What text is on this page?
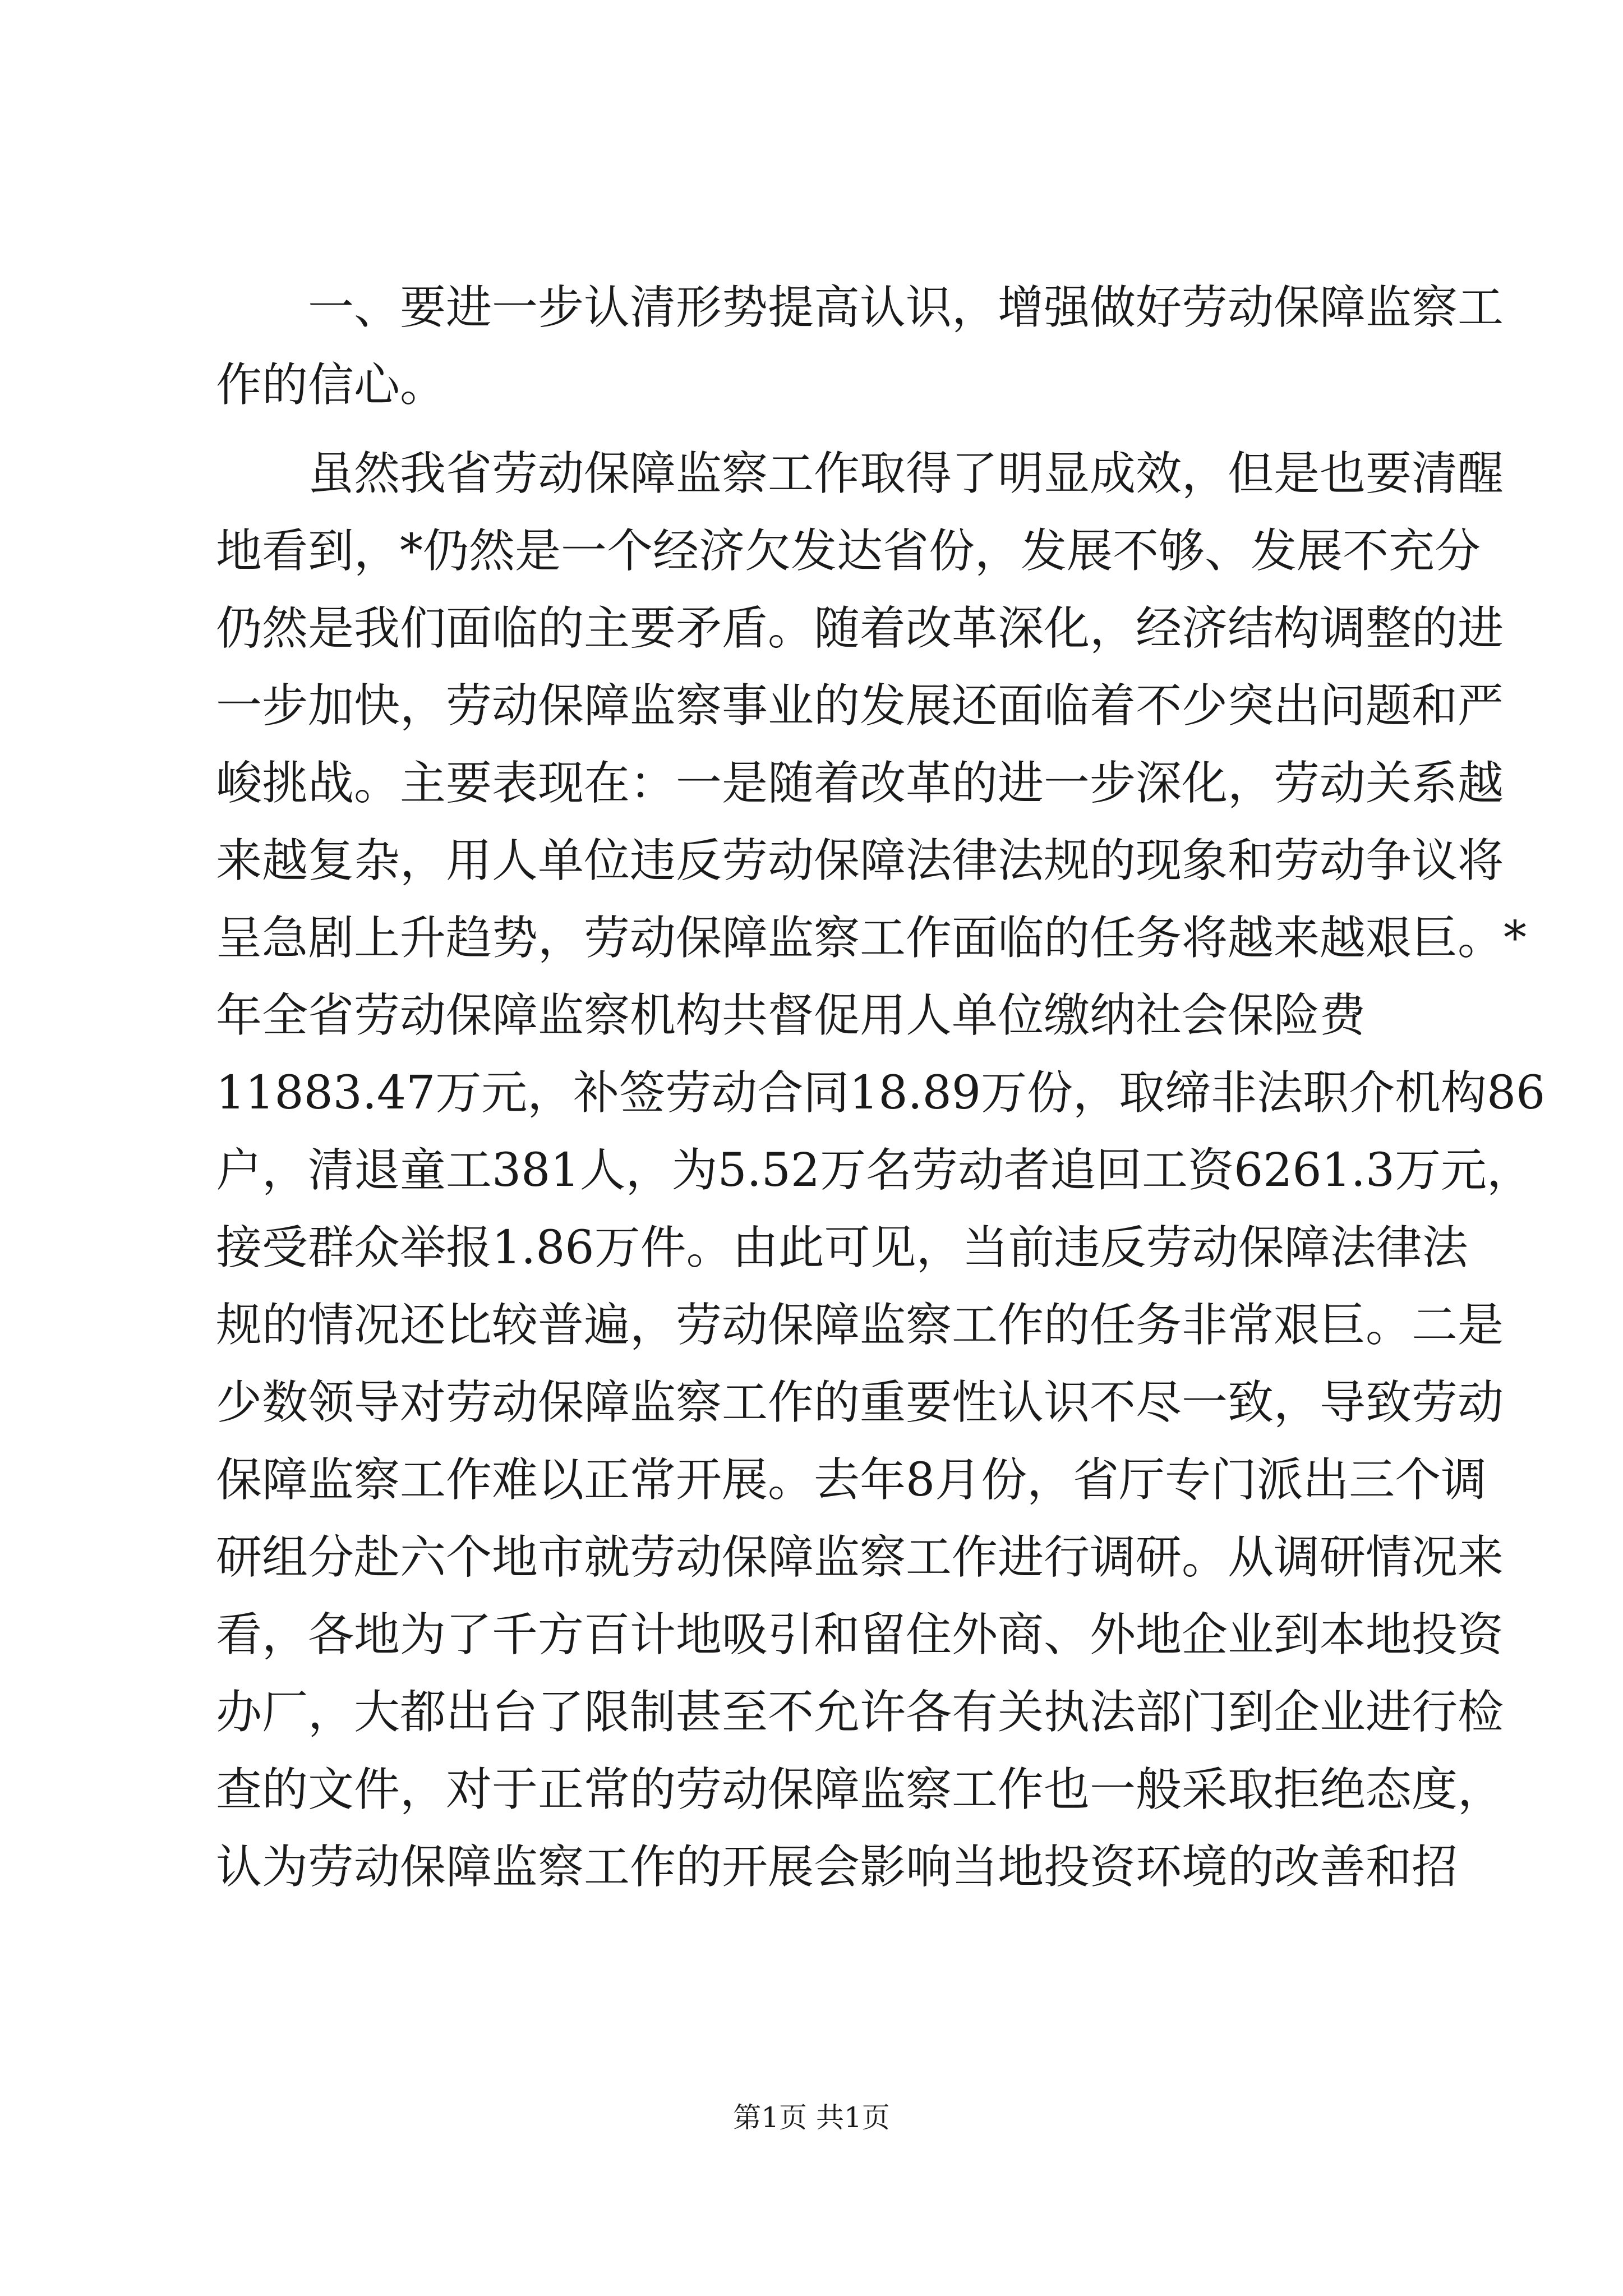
　　一、要进一步认清形势提高认识，增强做好劳动保障监察工
作的信心。
　　虽然我省劳动保障监察工作取得了明显成效，但是也要清醒
地看到，*仍然是一个经济欠发达省份，发展不够、发展不充分
仍然是我们面临的主要矛盾。随着改革深化，经济结构调整的进
一步加快，劳动保障监察事业的发展还面临着不少突出问题和严
峻挑战。主要表现在：一是随着改革的进一步深化，劳动关系越
来越复杂，用人单位违反劳动保障法律法规的现象和劳动争议将
呈急剧上升趋势，劳动保障监察工作面临的任务将越来越艰巨。*
年全省劳动保障监察机构共督促用人单位缴纳社会保险费
11883.47万元，补签劳动合同18.89万份，取缔非法职介机构86
户，清退童工381人，为5.52万名劳动者追回工资6261.3万元，
接受群众举报1.86万件。由此可见，当前违反劳动保障法律法
规的情况还比较普遍，劳动保障监察工作的任务非常艰巨。二是
少数领导对劳动保障监察工作的重要性认识不尽一致，导致劳动
保障监察工作难以正常开展。去年8月份，省厅专门派出三个调
研组分赴六个地市就劳动保障监察工作进行调研。从调研情况来
看，各地为了千方百计地吸引和留住外商、外地企业到本地投资
办厂，大都出台了限制甚至不允许各有关执法部门到企业进行检
查的文件，对于正常的劳动保障监察工作也一般采取拒绝态度，
认为劳动保障监察工作的开展会影响当地投资环境的改善和招
第1页 共1页
